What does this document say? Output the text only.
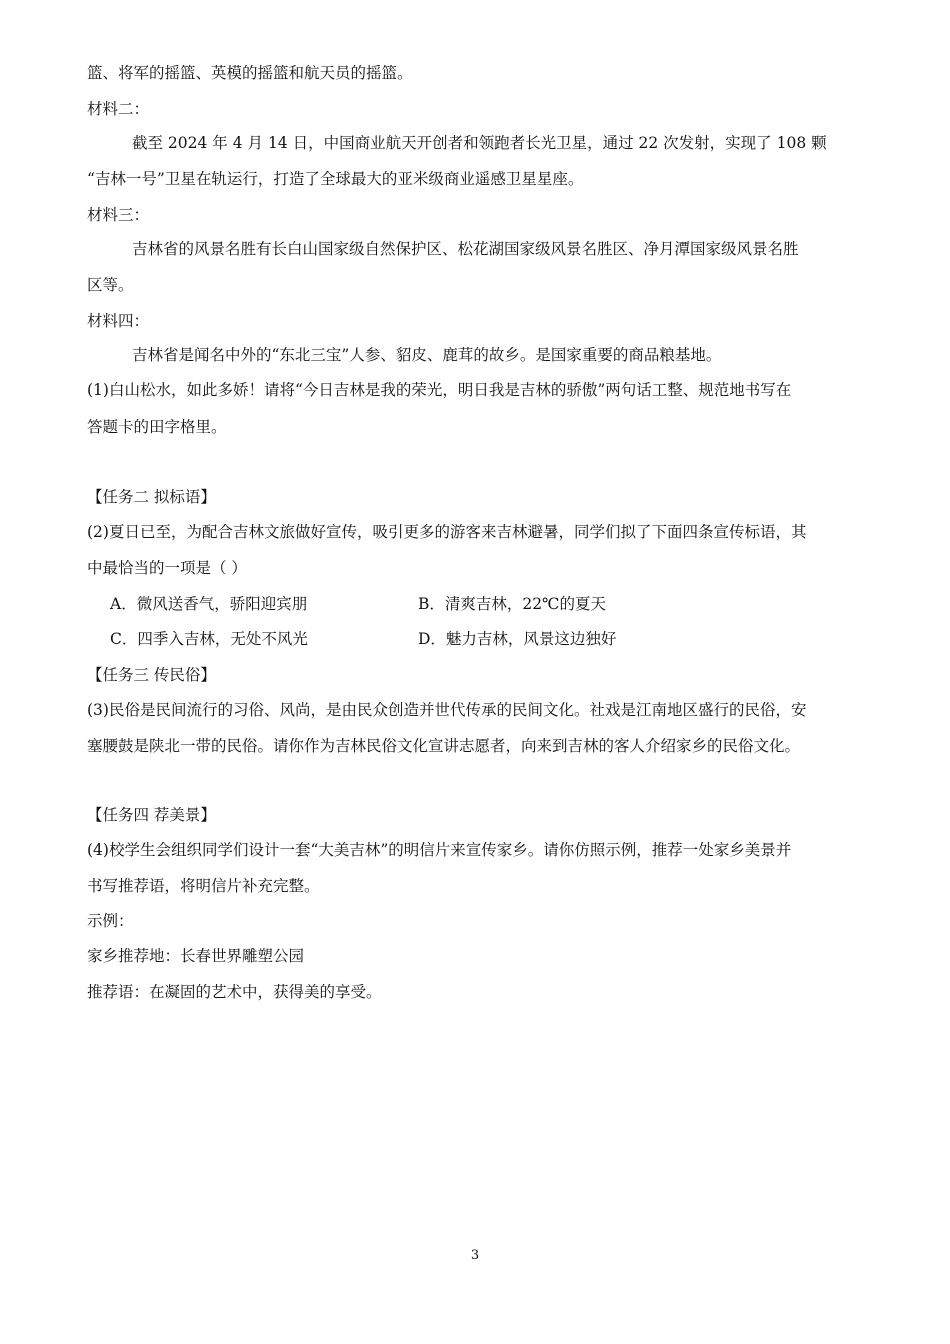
篮、将军的摇篮、英模的摇篮和航天员的摇篮。
材料二：
截至 2024 年 4 月 14 日，中国商业航天开创者和领跑者长光卫星，通过 22 次发射，实现了 108 颗
“吉林一号”卫星在轨运行，打造了全球最大的亚米级商业遥感卫星星座。
材料三：
吉林省的风景名胜有长白山国家级自然保护区、松花湖国家级风景名胜区、净月潭国家级风景名胜
区等。
材料四：
吉林省是闻名中外的“东北三宝”人参、貂皮、鹿茸的故乡。是国家重要的商品粮基地。
(1)白山松水，如此多娇！请将“今日吉林是我的荣光，明日我是吉林的骄傲”两句话工整、规范地书写在
答题卡的田字格里。
【任务二 拟标语】
(2)夏日已至，为配合吉林文旅做好宣传，吸引更多的游客来吉林避暑，同学们拟了下面四条宣传标语，其
中最恰当的一项是（ ）
A．微风送香气，骄阳迎宾朋	B．清爽吉林，22℃的夏天
C．四季入吉林，无处不风光	D．魅力吉林，风景这边独好
【任务三 传民俗】
(3)民俗是民间流行的习俗、风尚，是由民众创造并世代传承的民间文化。社戏是江南地区盛行的民俗，安
塞腰鼓是陕北一带的民俗。请你作为吉林民俗文化宣讲志愿者，向来到吉林的客人介绍家乡的民俗文化。
【任务四 荐美景】
(4)校学生会组织同学们设计一套“大美吉林”的明信片来宣传家乡。请你仿照示例，推荐一处家乡美景并
书写推荐语，将明信片补充完整。
示例：
家乡推荐地：长春世界雕塑公园
推荐语：在凝固的艺术中，获得美的享受。
3
